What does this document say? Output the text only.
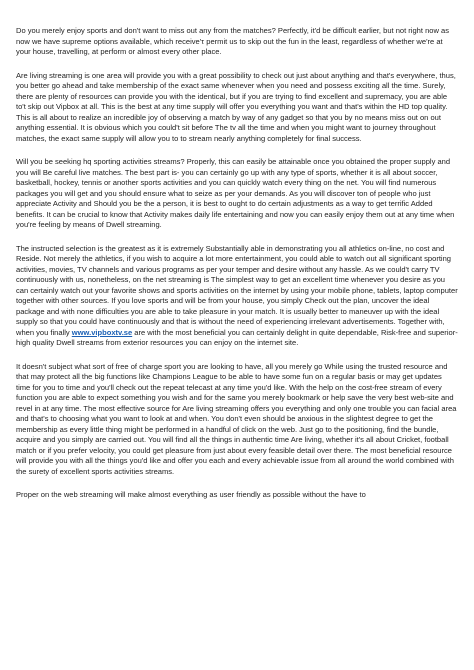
Do you merely enjoy sports and don't want to miss out any from the matches? Perfectly, it'd be difficult earlier, but not right now as now we have supreme options available, which receive'τ permit us to skip out the fun in the least, regardless of whether we're at your house, travelling, at perform or almost every other place.

Are living streaming is one area will provide you with a great possibility to check out just about anything and that's everywhere, thus, you better go ahead and take membership of the exact same whenever when you need and possess exciting all the time. Surely, there are plenty of resources can provide you with the identical, but if you are trying to find excellent and supremacy, you are able to't skip out Vipbox at all. This is the best at any time supply will offer you everything you want and that's within the HD top quality. This is all about to realize an incredible joy of observing a match by way of any gadget so that you by no means miss out on out anything essential. It is obvious which you could't sit before The tv all the time and when you might want to journey throughout matches, the exact same supply will allow you to to stream nearly anything completely for final success.

Will you be seeking hq sporting activities streams? Properly, this can easily be attainable once you obtained the proper supply and you will Be careful live matches. The best part is- you can certainly go up with any type of sports, whether it is all about soccer, basketball, hockey, tennis or another sports activities and you can quickly watch every thing on the net. You will find numerous packages you will get and you should ensure what to seize as per your demands. As you will discover ton of people who just appreciate Activity and Should you be the a person, it is best to ought to do certain adjustments as a way to get terrific Added benefits. It can be crucial to know that Activity makes daily life entertaining and now you can easily enjoy them out at any time when you're feeling by means of Dwell streaming.

The instructed selection is the greatest as it is extremely Substantially able in demonstrating you all athletics on-line, no cost and Reside. Not merely the athletics, if you wish to acquire a lot more entertainment, you could able to watch out all significant sporting activities, movies, TV channels and various programs as per your temper and desire without any hassle. As we could't carry TV continuously with us, nonetheless, on the net streaming is The simplest way to get an excellent time whenever you desire as you can certainly watch out your favorite shows and sports activities on the internet by using your mobile phone, tablets, laptop computer together with other sources. If you love sports and will be from your house, you simply Check out the plan, uncover the ideal package and with none difficulties you are able to take pleasure in your match. It is usually better to maneuver up with the ideal supply so that you could have continuously and that is without the need of experiencing irrelevant advertisements. Together with, when you finally www.vipboxtv.se are with the most beneficial you can certainly delight in quite dependable, Risk-free and superior-high quality Dwell streams from exterior resources you can enjoy on the internet site.

It doesn't subject what sort of free of charge sport you are looking to have, all you merely go While using the trusted resource and that may protect all the big functions like Champions League to be able to have some fun on a regular basis or may get updates time for you to time and you'll check out the repeat telecast at any time you'd like. With the help on the cost-free stream of every function you are able to expect something you wish and for the same you merely bookmark or help save the very best web-site and revel in at any time. The most effective source for Are living streaming offers you everything and only one trouble you can facial area and that's to choosing what you want to look at and when. You don't even should be anxious in the slightest degree to get the membership as every little thing might be performed in a handful of click on the web. Just go to the positioning, find the bundle, acquire and you simply are carried out. You will find all the things in authentic time Are living, whether it's all about Cricket, football match or if you prefer velocity, you could get pleasure from just about every feasible detail over there. The most beneficial resource will provide you with all the things you'd like and offer you each and every achievable issue from all around the world combined with the surety of excellent sports activities streams.

Proper on the web streaming will make almost everything as user friendly as possible without the have to
